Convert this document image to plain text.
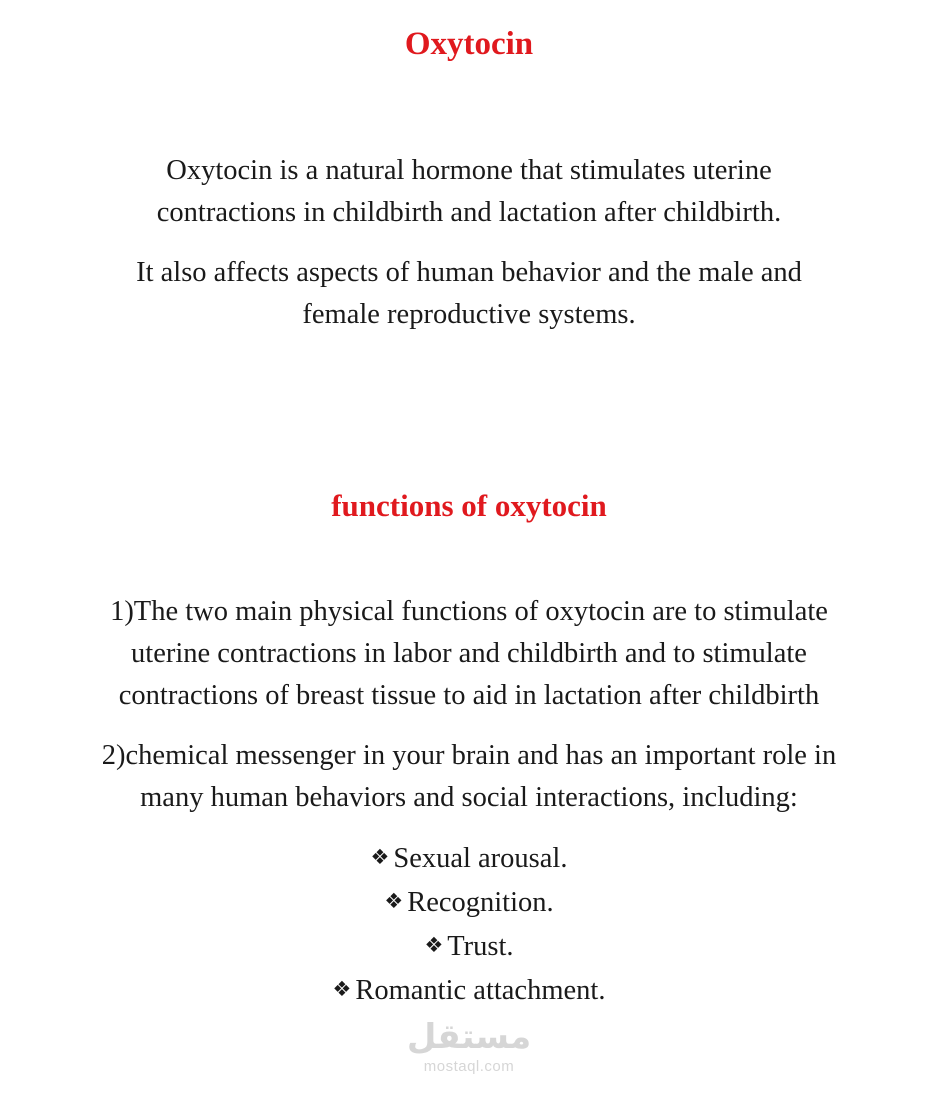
Oxytocin
Oxytocin is a natural hormone that stimulates uterine
contractions in childbirth and lactation after childbirth.
It also affects aspects of human behavior and the male and
female reproductive systems.
functions of oxytocin
1)The two main physical functions of oxytocin are to stimulate
uterine contractions in labor and childbirth and to stimulate
contractions of breast tissue to aid in lactation after childbirth
2)chemical messenger in your brain and has an important role in
many human behaviors and social interactions, including:
❖ Sexual arousal.
❖ Recognition.
❖ Trust.
❖ Romantic attachment.
مستقل
mostaql.com
